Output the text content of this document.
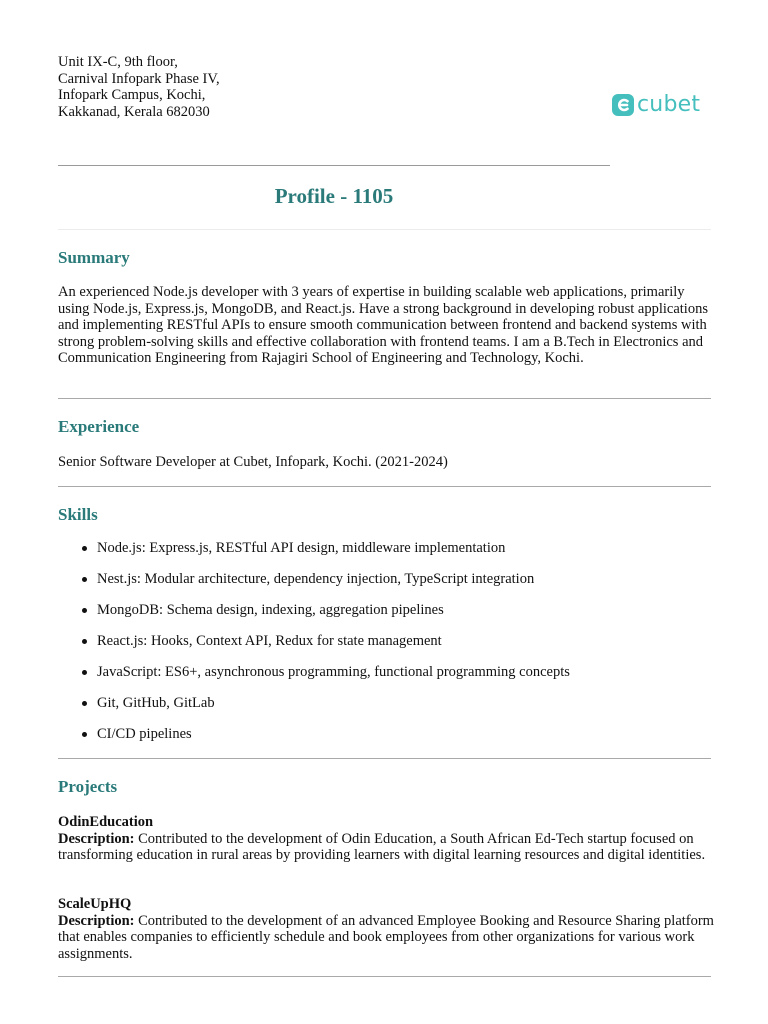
Unit IX-C, 9th floor,
Carnival Infopark Phase IV,
Infopark Campus, Kochi,
Kakkanad, Kerala 682030	cubet
Profile - 1105
Summary
An experienced Node.js developer with 3 years of expertise in building scalable web applications, primarily using Node.js, Express.js, MongoDB, and React.js. Have a strong background in developing robust applications and implementing RESTful APIs to ensure smooth communication between frontend and backend systems with strong problem-solving skills and effective collaboration with frontend teams. I am a B.Tech in Electronics and Communication Engineering from Rajagiri School of Engineering and Technology, Kochi.
Experience
Senior Software Developer at Cubet, Infopark, Kochi. (2021-2024)
Skills
Node.js: Express.js, RESTful API design, middleware implementation
Nest.js: Modular architecture, dependency injection, TypeScript integration
MongoDB: Schema design, indexing, aggregation pipelines
React.js: Hooks, Context API, Redux for state management
JavaScript: ES6+, asynchronous programming, functional programming concepts
Git, GitHub, GitLab
CI/CD pipelines
Projects
OdinEducation
Description: Contributed to the development of Odin Education, a South African Ed-Tech startup focused on transforming education in rural areas by providing learners with digital learning resources and digital identities.
ScaleUpHQ
Description: Contributed to the development of an advanced Employee Booking and Resource Sharing platform that enables companies to efficiently schedule and book employees from other organizations for various work assignments.
